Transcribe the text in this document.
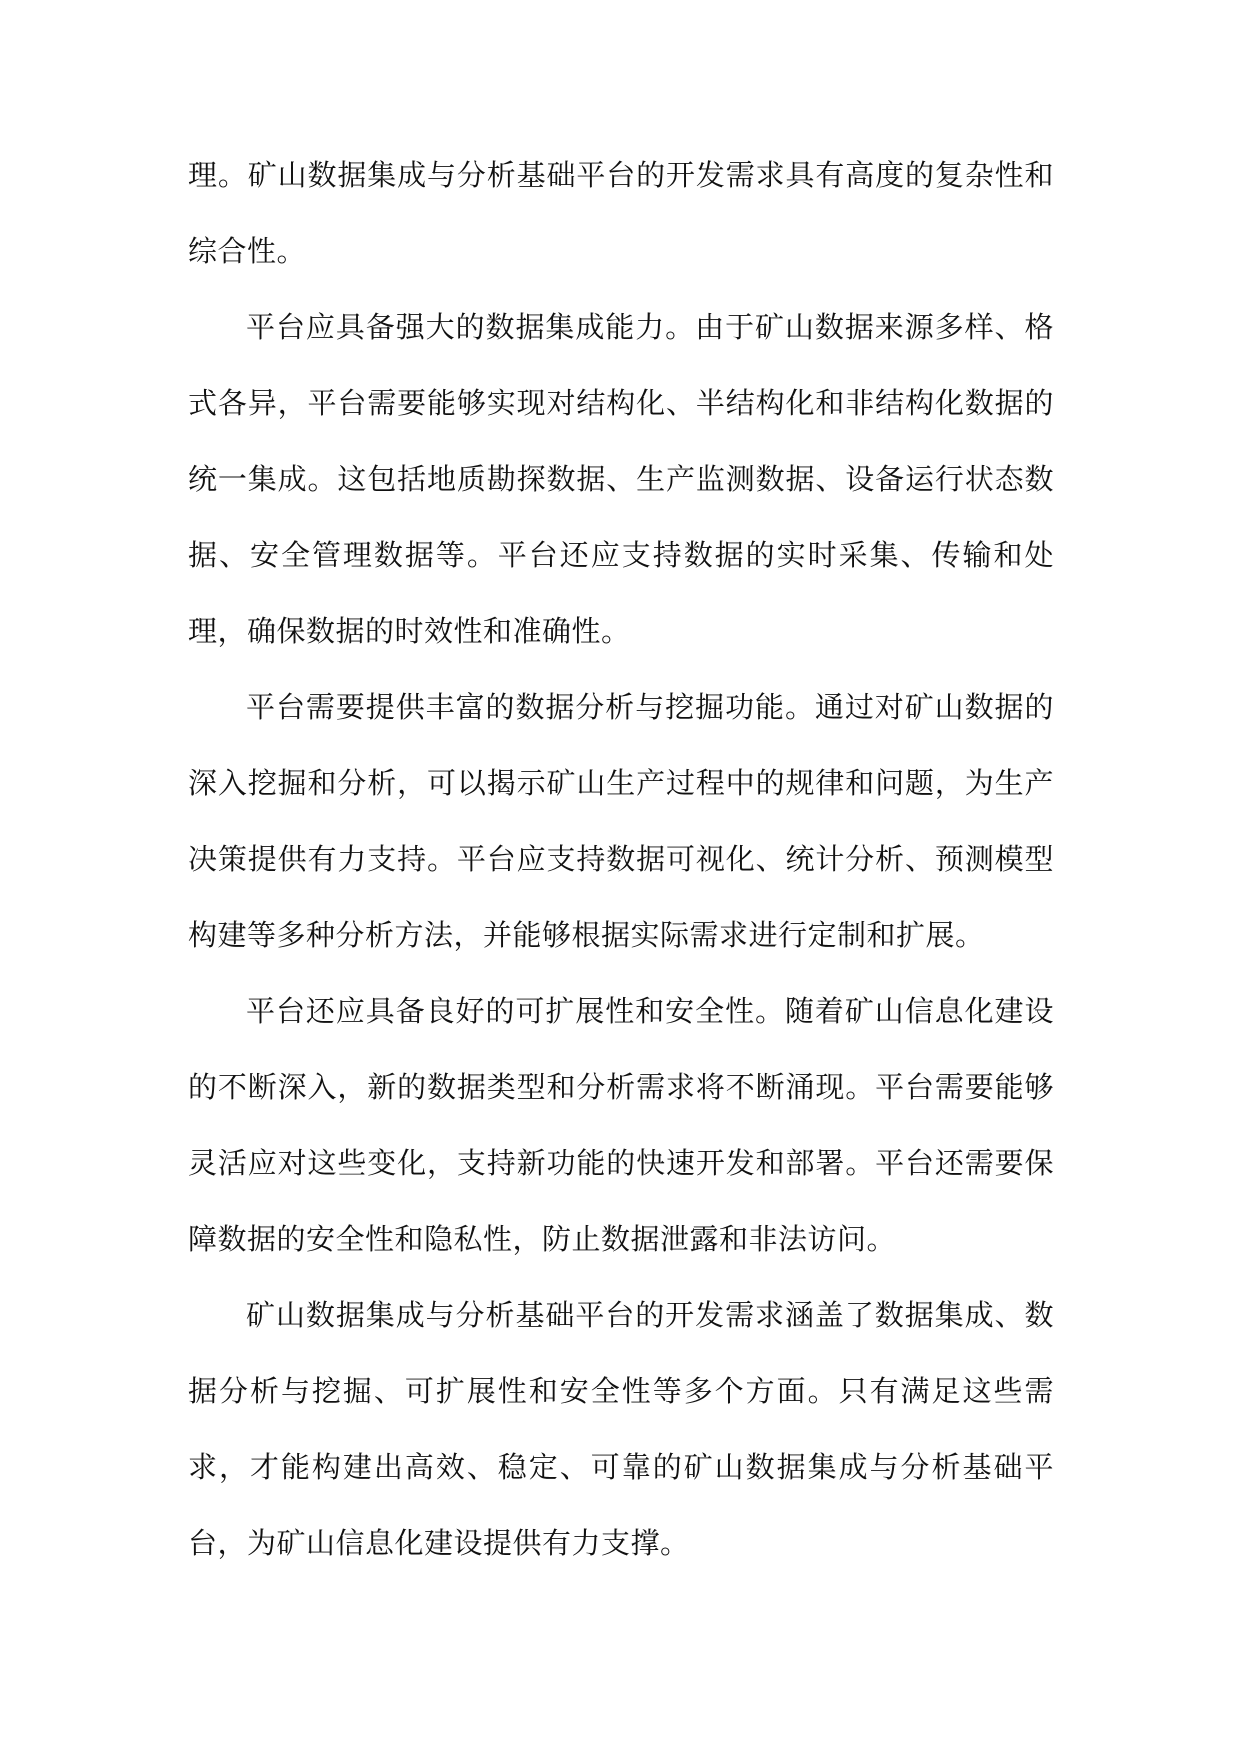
理。矿山数据集成与分析基础平台的开发需求具有高度的复杂性和综合性。

平台应具备强大的数据集成能力。由于矿山数据来源多样、格式各异，平台需要能够实现对结构化、半结构化和非结构化数据的统一集成。这包括地质勘探数据、生产监测数据、设备运行状态数据、安全管理数据等。平台还应支持数据的实时采集、传输和处理，确保数据的时效性和准确性。

平台需要提供丰富的数据分析与挖掘功能。通过对矿山数据的深入挖掘和分析，可以揭示矿山生产过程中的规律和问题，为生产决策提供有力支持。平台应支持数据可视化、统计分析、预测模型构建等多种分析方法，并能够根据实际需求进行定制和扩展。

平台还应具备良好的可扩展性和安全性。随着矿山信息化建设的不断深入，新的数据类型和分析需求将不断涌现。平台需要能够灵活应对这些变化，支持新功能的快速开发和部署。平台还需要保障数据的安全性和隐私性，防止数据泄露和非法访问。

矿山数据集成与分析基础平台的开发需求涵盖了数据集成、数据分析与挖掘、可扩展性和安全性等多个方面。只有满足这些需求，才能构建出高效、稳定、可靠的矿山数据集成与分析基础平台，为矿山信息化建设提供有力支撑。
